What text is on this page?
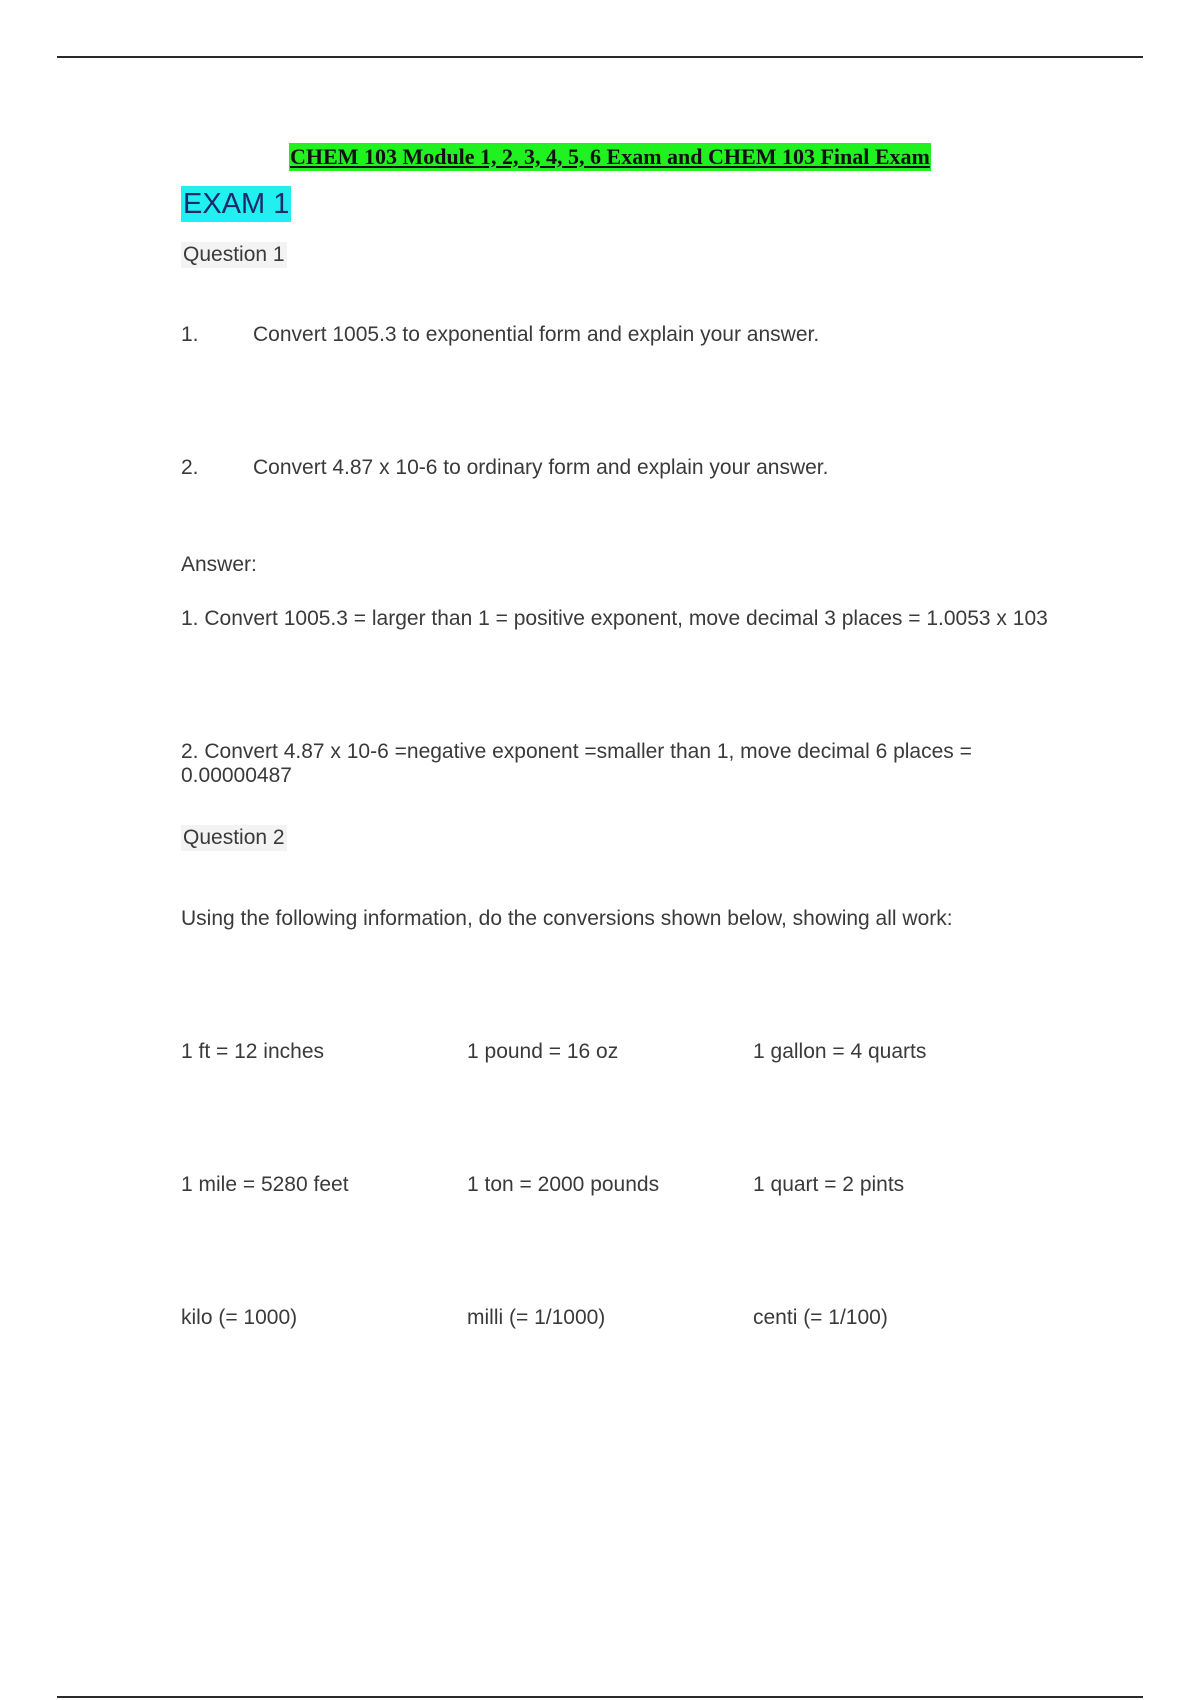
CHEM 103 Module 1, 2, 3, 4, 5, 6 Exam and CHEM 103 Final Exam
EXAM 1
Question 1
1.	Convert 1005.3 to exponential form and explain your answer.
2.	Convert 4.87 x 10-6 to ordinary form and explain your answer.
Answer:
1. Convert 1005.3 = larger than 1 = positive exponent, move decimal 3 places = 1.0053 x 103
2. Convert 4.87 x 10-6 =negative exponent =smaller than 1, move decimal 6 places = 0.00000487
Question 2
Using the following information, do the conversions shown below, showing all work:
1 ft = 12 inches	1 pound = 16 oz	1 gallon = 4 quarts
1 mile = 5280 feet	1 ton = 2000 pounds	1 quart = 2 pints
kilo (= 1000)	milli (= 1/1000)	centi (= 1/100)
